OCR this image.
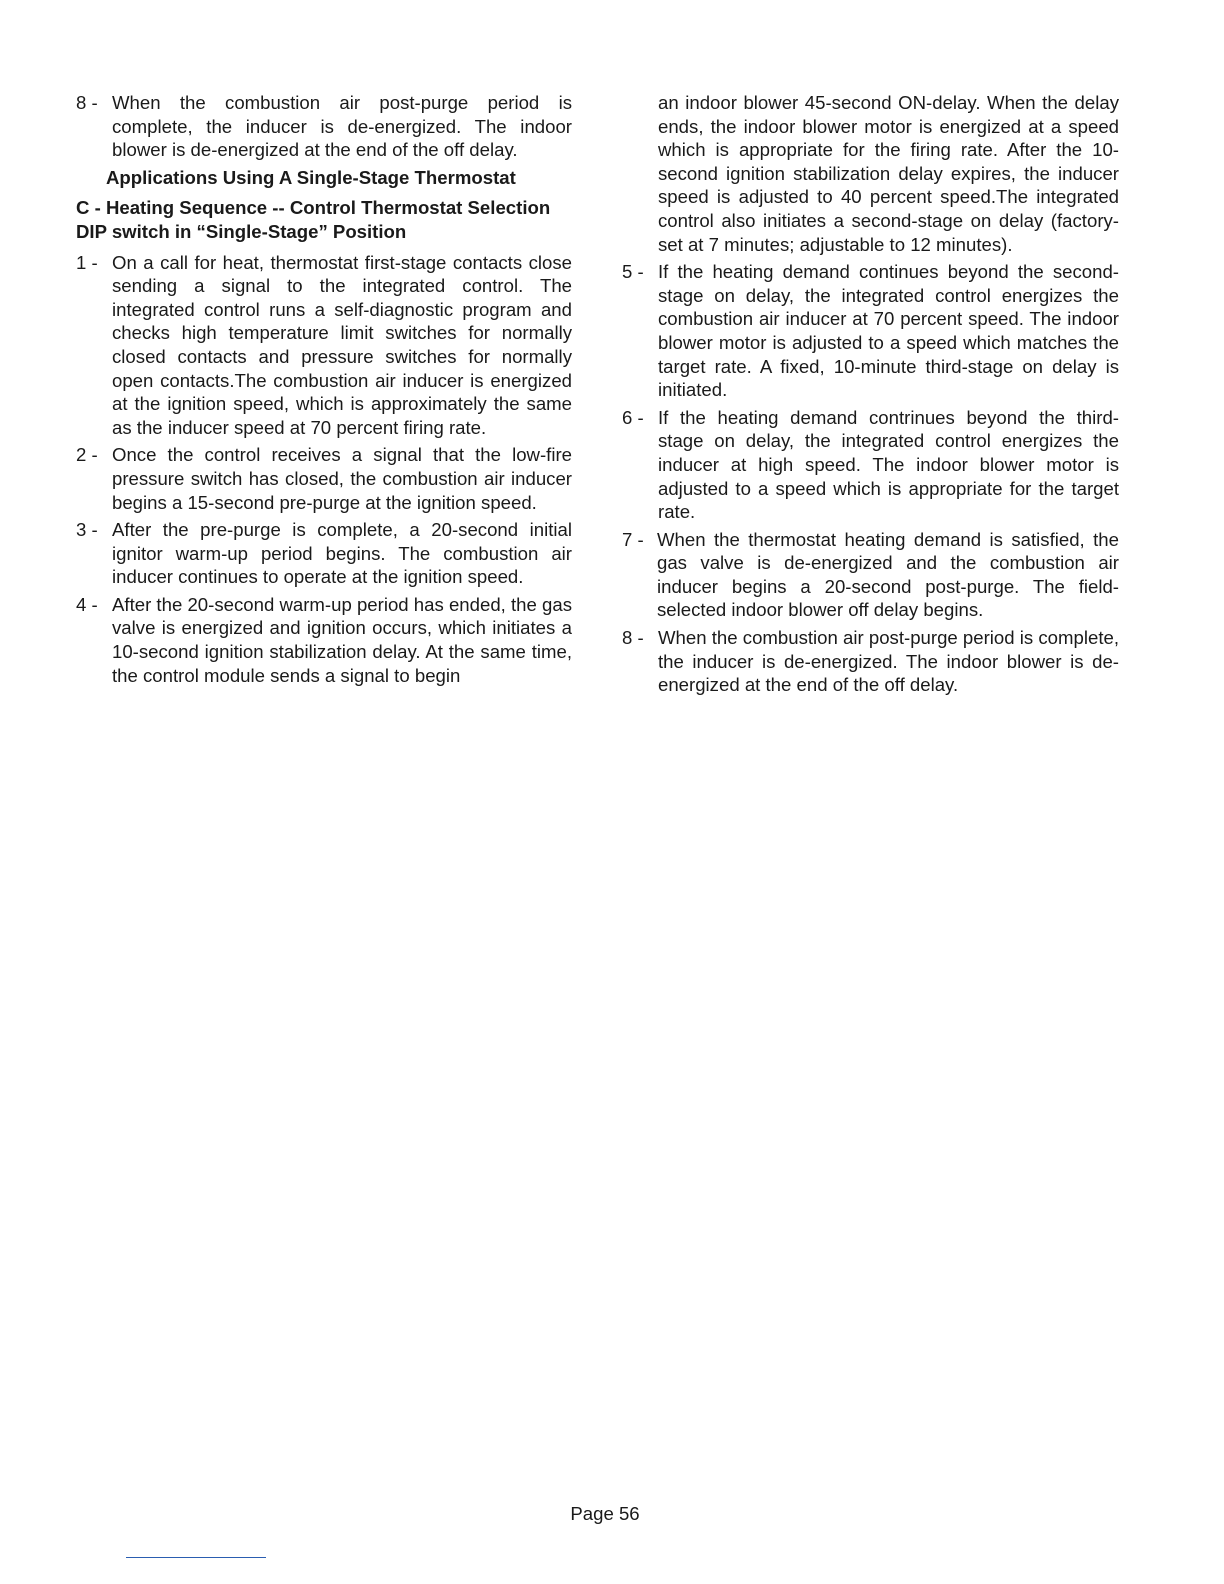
8 - When the combustion air post-purge period is complete, the inducer is de-energized. The indoor blower is de-energized at the end of the off delay.
Applications Using A Single-Stage Thermostat
C - Heating Sequence -- Control Thermostat Selection DIP switch in “Single-Stage” Position
1 - On a call for heat, thermostat first-stage contacts close sending a signal to the integrated control. The integrated control runs a self-diagnostic program and checks high temperature limit switches for normally closed contacts and pressure switches for normally open contacts.The combustion air inducer is energized at the ignition speed, which is approximately the same as the inducer speed at 70 percent firing rate.
2 - Once the control receives a signal that the low-fire pressure switch has closed, the combustion air inducer begins a 15-second pre-purge at the ignition speed.
3 - After the pre-purge is complete, a 20-second initial ignitor warm-up period begins. The combustion air inducer continues to operate at the ignition speed.
4 - After the 20-second warm-up period has ended, the gas valve is energized and ignition occurs, which initiates a 10-second ignition stabilization delay. At the same time, the control module sends a signal to begin
an indoor blower 45-second ON-delay. When the delay ends, the indoor blower motor is energized at a speed which is appropriate for the firing rate. After the 10-second ignition stabilization delay expires, the inducer speed is adjusted to 40 percent speed.The integrated control also initiates a second-stage on delay (factory-set at 7 minutes; adjustable to 12 minutes).
5 - If the heating demand continues beyond the second-stage on delay, the integrated control energizes the combustion air inducer at 70 percent speed. The indoor blower motor is adjusted to a speed which matches the target rate. A fixed, 10-minute third-stage on delay is initiated.
6 - If the heating demand contrinues beyond the third-stage on delay, the integrated control energizes the inducer at high speed. The indoor blower motor is adjusted to a speed which is appropriate for the target rate.
7 - When the thermostat heating demand is satisfied, the gas valve is de-energized and the combustion air inducer begins a 20-second post-purge. The field-selected indoor blower off delay begins.
8 - When the combustion air post-purge period is complete, the inducer is de-energized. The indoor blower is de-energized at the end of the off delay.
Page 56
